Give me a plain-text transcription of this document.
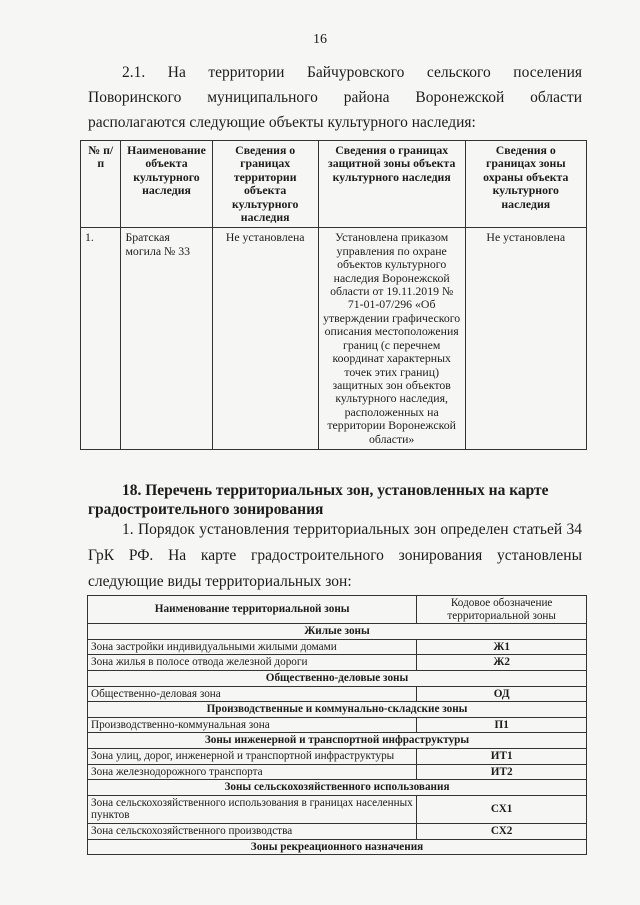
16

2.1. На территории Байчуровского сельского поселения Поворинского муниципального района Воронежской области располагаются следующие объекты культурного наследия:

№ п/п	Наименование объекта культурного наследия	Сведения о границах территории объекта культурного наследия	Сведения о границах защитной зоны объекта культурного наследия	Сведения о границах зоны охраны объекта культурного наследия
1.	Братская могила № 33	Не установлена	Установлена приказом управления по охране объектов культурного наследия Воронежской области от 19.11.2019 № 71-01-07/296 «Об утверждении графического описания местоположения границ (с перечнем координат характерных точек этих границ) защитных зон объектов культурного наследия, расположенных на территории Воронежской области»	Не установлена

18. Перечень территориальных зон, установленных на карте
градостроительного зонирования

1. Порядок установления территориальных зон определен статьей 34 ГрК РФ. На карте градостроительного зонирования установлены следующие виды территориальных зон:

Наименование территориальной зоны	Кодовое обозначение территориальной зоны
Жилые зоны	
Зона застройки индивидуальными жилыми домами	Ж1
Зона жилья в полосе отвода железной дороги	Ж2
Общественно-деловые зоны	
Общественно-деловая зона	ОД
Производственные и коммунально-складские зоны	
Производственно-коммунальная зона	П1
Зоны инженерной и транспортной инфраструктуры	
Зона улиц, дорог, инженерной и транспортной инфраструктуры	ИТ1
Зона железнодорожного транспорта	ИТ2
Зоны сельскохозяйственного использования	
Зона сельскохозяйственного использования в границах населенных пунктов	СХ1
Зона сельскохозяйственного производства	СХ2
Зоны рекреационного назначения	
